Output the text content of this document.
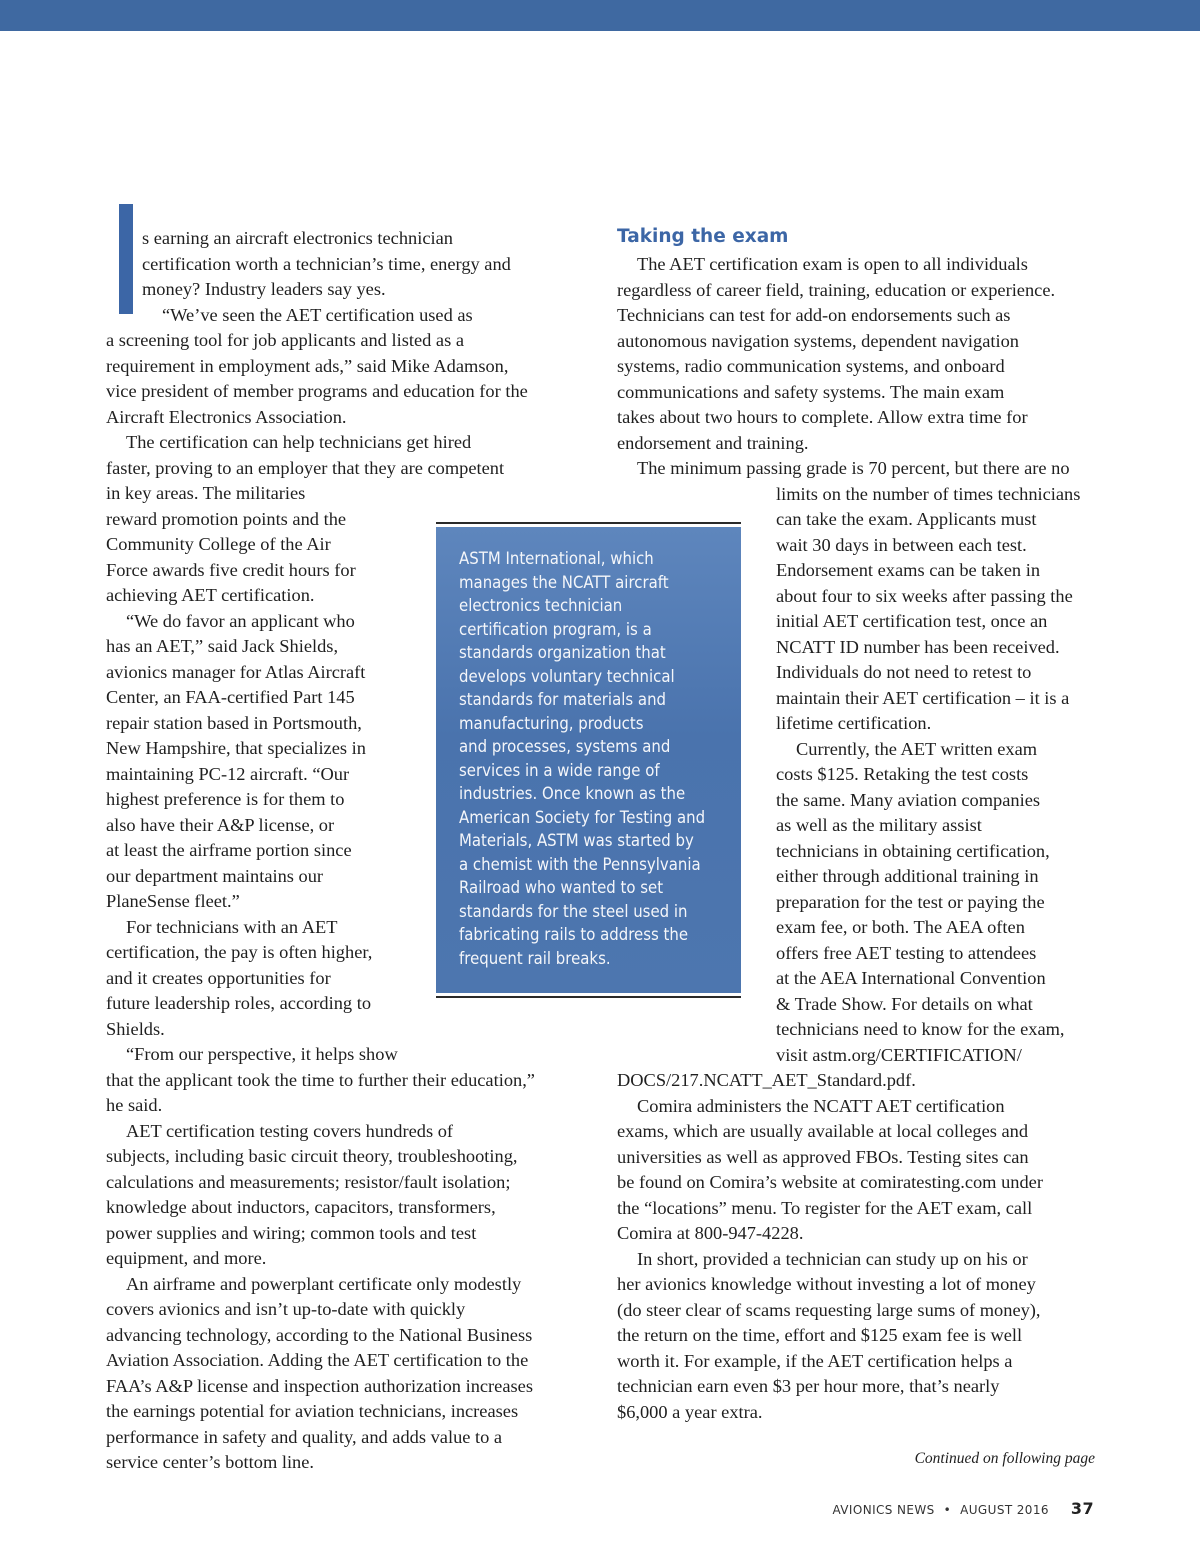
s earning an aircraft electronics technician
certification worth a technician’s time, energy and
money? Industry leaders say yes.
“We’ve seen the AET certification used as
a screening tool for job applicants and listed as a
requirement in employment ads,” said Mike Adamson,
vice president of member programs and education for the
Aircraft Electronics Association.
The certification can help technicians get hired
faster, proving to an employer that they are competent
in key areas. The militaries
reward promotion points and the
Community College of the Air
Force awards five credit hours for
achieving AET certification.
“We do favor an applicant who
has an AET,” said Jack Shields,
avionics manager for Atlas Aircraft
Center, an FAA-certified Part 145
repair station based in Portsmouth,
New Hampshire, that specializes in
maintaining PC-12 aircraft. “Our
highest preference is for them to
also have their A&P license, or
at least the airframe portion since
our department maintains our
PlaneSense fleet.”
For technicians with an AET
certification, the pay is often higher,
and it creates opportunities for
future leadership roles, according to
Shields.
“From our perspective, it helps show
that the applicant took the time to further their education,”
he said.
AET certification testing covers hundreds of
subjects, including basic circuit theory, troubleshooting,
calculations and measurements; resistor/fault isolation;
knowledge about inductors, capacitors, transformers,
power supplies and wiring; common tools and test
equipment, and more.
An airframe and powerplant certificate only modestly
covers avionics and isn’t up-to-date with quickly
advancing technology, according to the National Business
Aviation Association. Adding the AET certification to the
FAA’s A&P license and inspection authorization increases
the earnings potential for aviation technicians, increases
performance in safety and quality, and adds value to a
service center’s bottom line.
Taking the exam
The AET certification exam is open to all individuals
regardless of career field, training, education or experience.
Technicians can test for add-on endorsements such as
autonomous navigation systems, dependent navigation
systems, radio communication systems, and onboard
communications and safety systems. The main exam
takes about two hours to complete. Allow extra time for
endorsement and training.
The minimum passing grade is 70 percent, but there are no
limits on the number of times technicians
can take the exam. Applicants must
wait 30 days in between each test.
Endorsement exams can be taken in
about four to six weeks after passing the
initial AET certification test, once an
NCATT ID number has been received.
Individuals do not need to retest to
maintain their AET certification – it is a
lifetime certification.
Currently, the AET written exam
costs $125. Retaking the test costs
the same. Many aviation companies
as well as the military assist
technicians in obtaining certification,
either through additional training in
preparation for the test or paying the
exam fee, or both. The AEA often
offers free AET testing to attendees
at the AEA International Convention
& Trade Show. For details on what
technicians need to know for the exam,
visit astm.org/CERTIFICATION/
DOCS/217.NCATT_AET_Standard.pdf.
Comira administers the NCATT AET certification
exams, which are usually available at local colleges and
universities as well as approved FBOs. Testing sites can
be found on Comira’s website at comiratesting.com under
the “locations” menu. To register for the AET exam, call
Comira at 800-947-4228.
In short, provided a technician can study up on his or
her avionics knowledge without investing a lot of money
(do steer clear of scams requesting large sums of money),
the return on the time, effort and $125 exam fee is well
worth it. For example, if the AET certification helps a
technician earn even $3 per hour more, that’s nearly
$6,000 a year extra.
ASTM International, which
manages the NCATT aircraft
electronics technician
certification program, is a
standards organization that
develops voluntary technical
standards for materials and
manufacturing, products
and processes, systems and
services in a wide range of
industries. Once known as the
American Society for Testing and
Materials, ASTM was started by
a chemist with the Pennsylvania
Railroad who wanted to set
standards for the steel used in
fabricating rails to address the
frequent rail breaks.
Continued on following page
AVIONICS NEWS • AUGUST 2016 37
